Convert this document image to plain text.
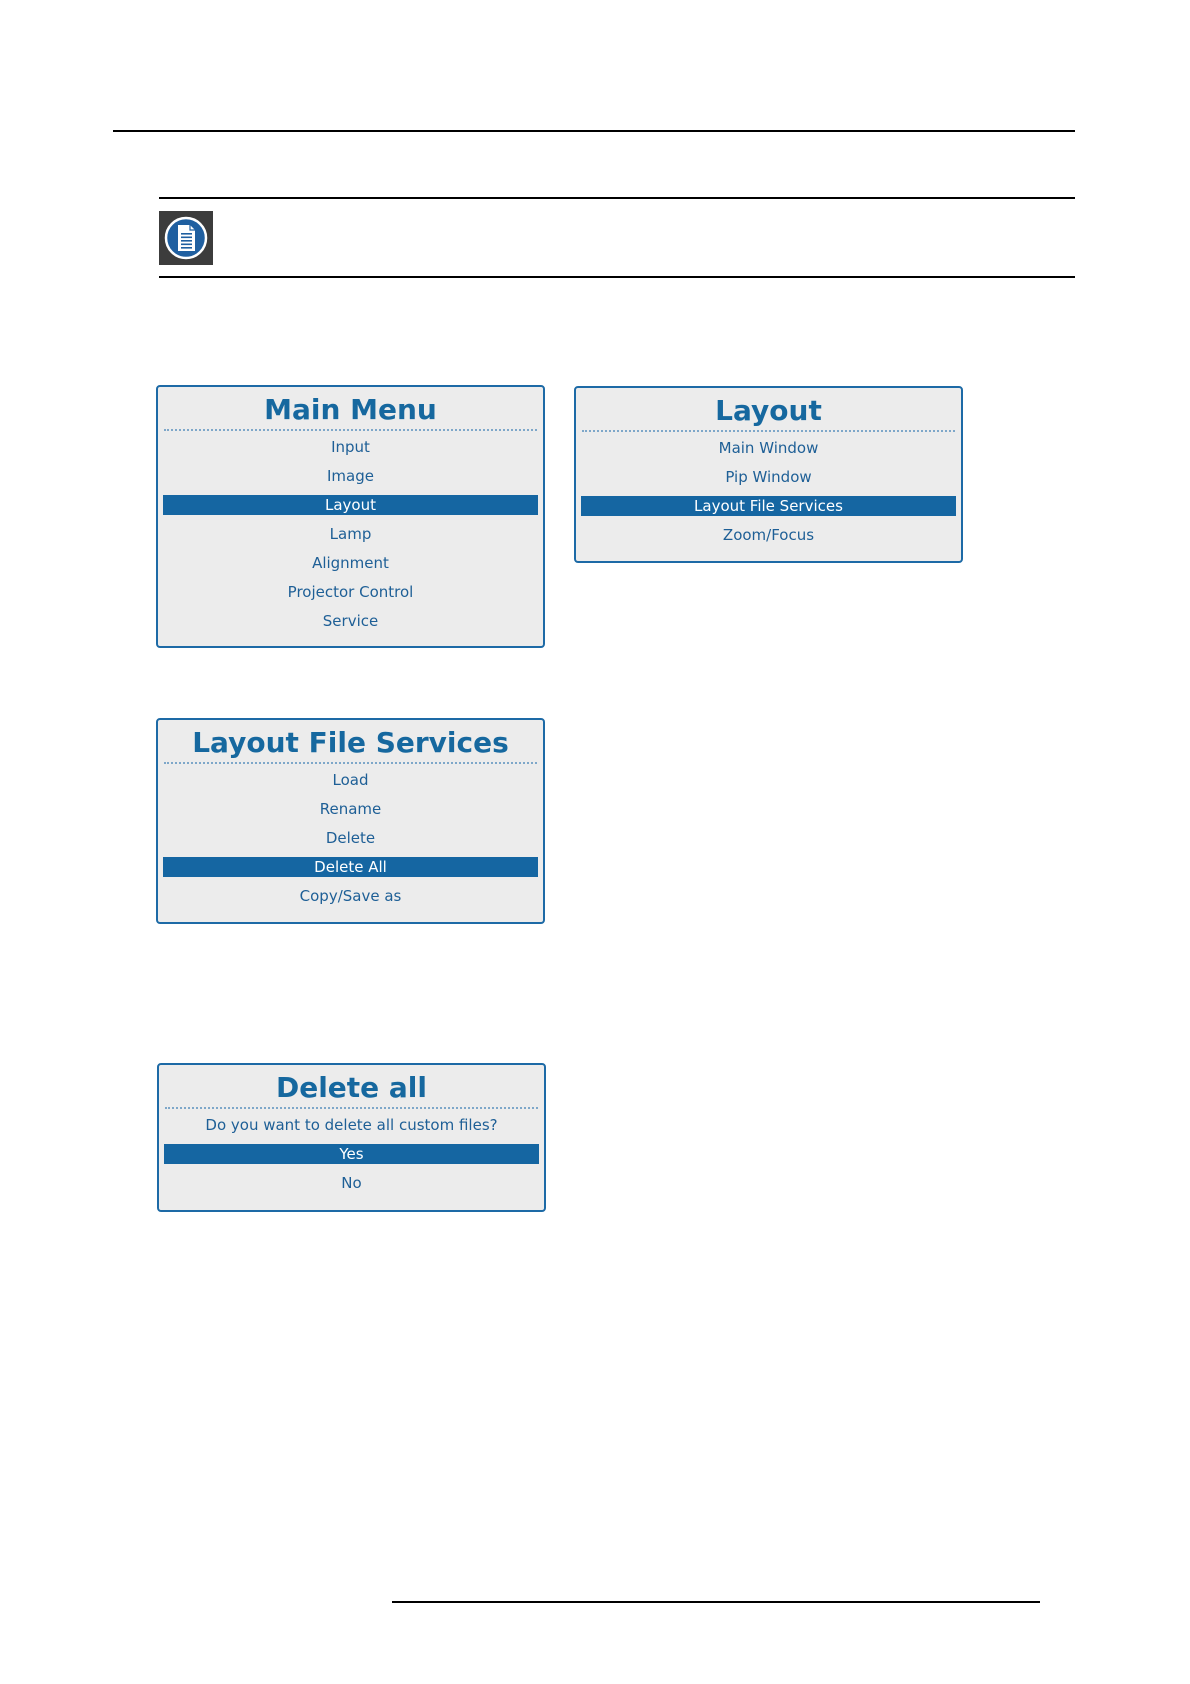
Main Menu
Input
Image
Layout
Lamp
Alignment
Projector Control
Service
Layout
Main Window
Pip Window
Layout File Services
Zoom/Focus
Layout File Services
Load
Rename
Delete
Delete All
Copy/Save as
Delete all
Do you want to delete all custom files?
Yes
No
